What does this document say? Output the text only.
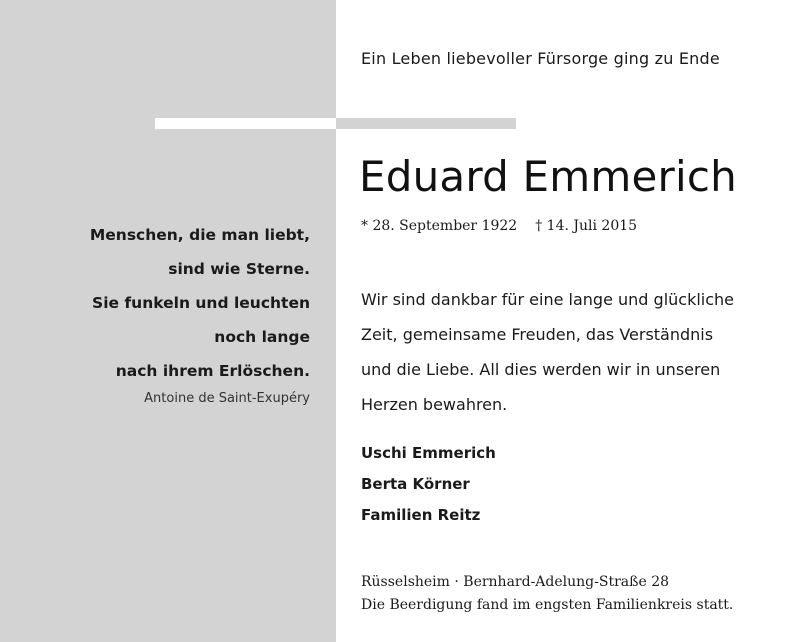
Ein Leben liebevoller Fürsorge ging zu Ende
Eduard Emmerich
* 28. September 1922 † 14. Juli 2015
Menschen, die man liebt,
sind wie Sterne.
Sie funkeln und leuchten
noch lange
nach ihrem Erlöschen.
Antoine de Saint-Exupéry
Wir sind dankbar für eine lange und glückliche
Zeit, gemeinsame Freuden, das Verständnis
und die Liebe. All dies werden wir in unseren
Herzen bewahren.
Uschi Emmerich
Berta Körner
Familien Reitz
Rüsselsheim · Bernhard-Adelung-Straße 28
Die Beerdigung fand im engsten Familienkreis statt.
